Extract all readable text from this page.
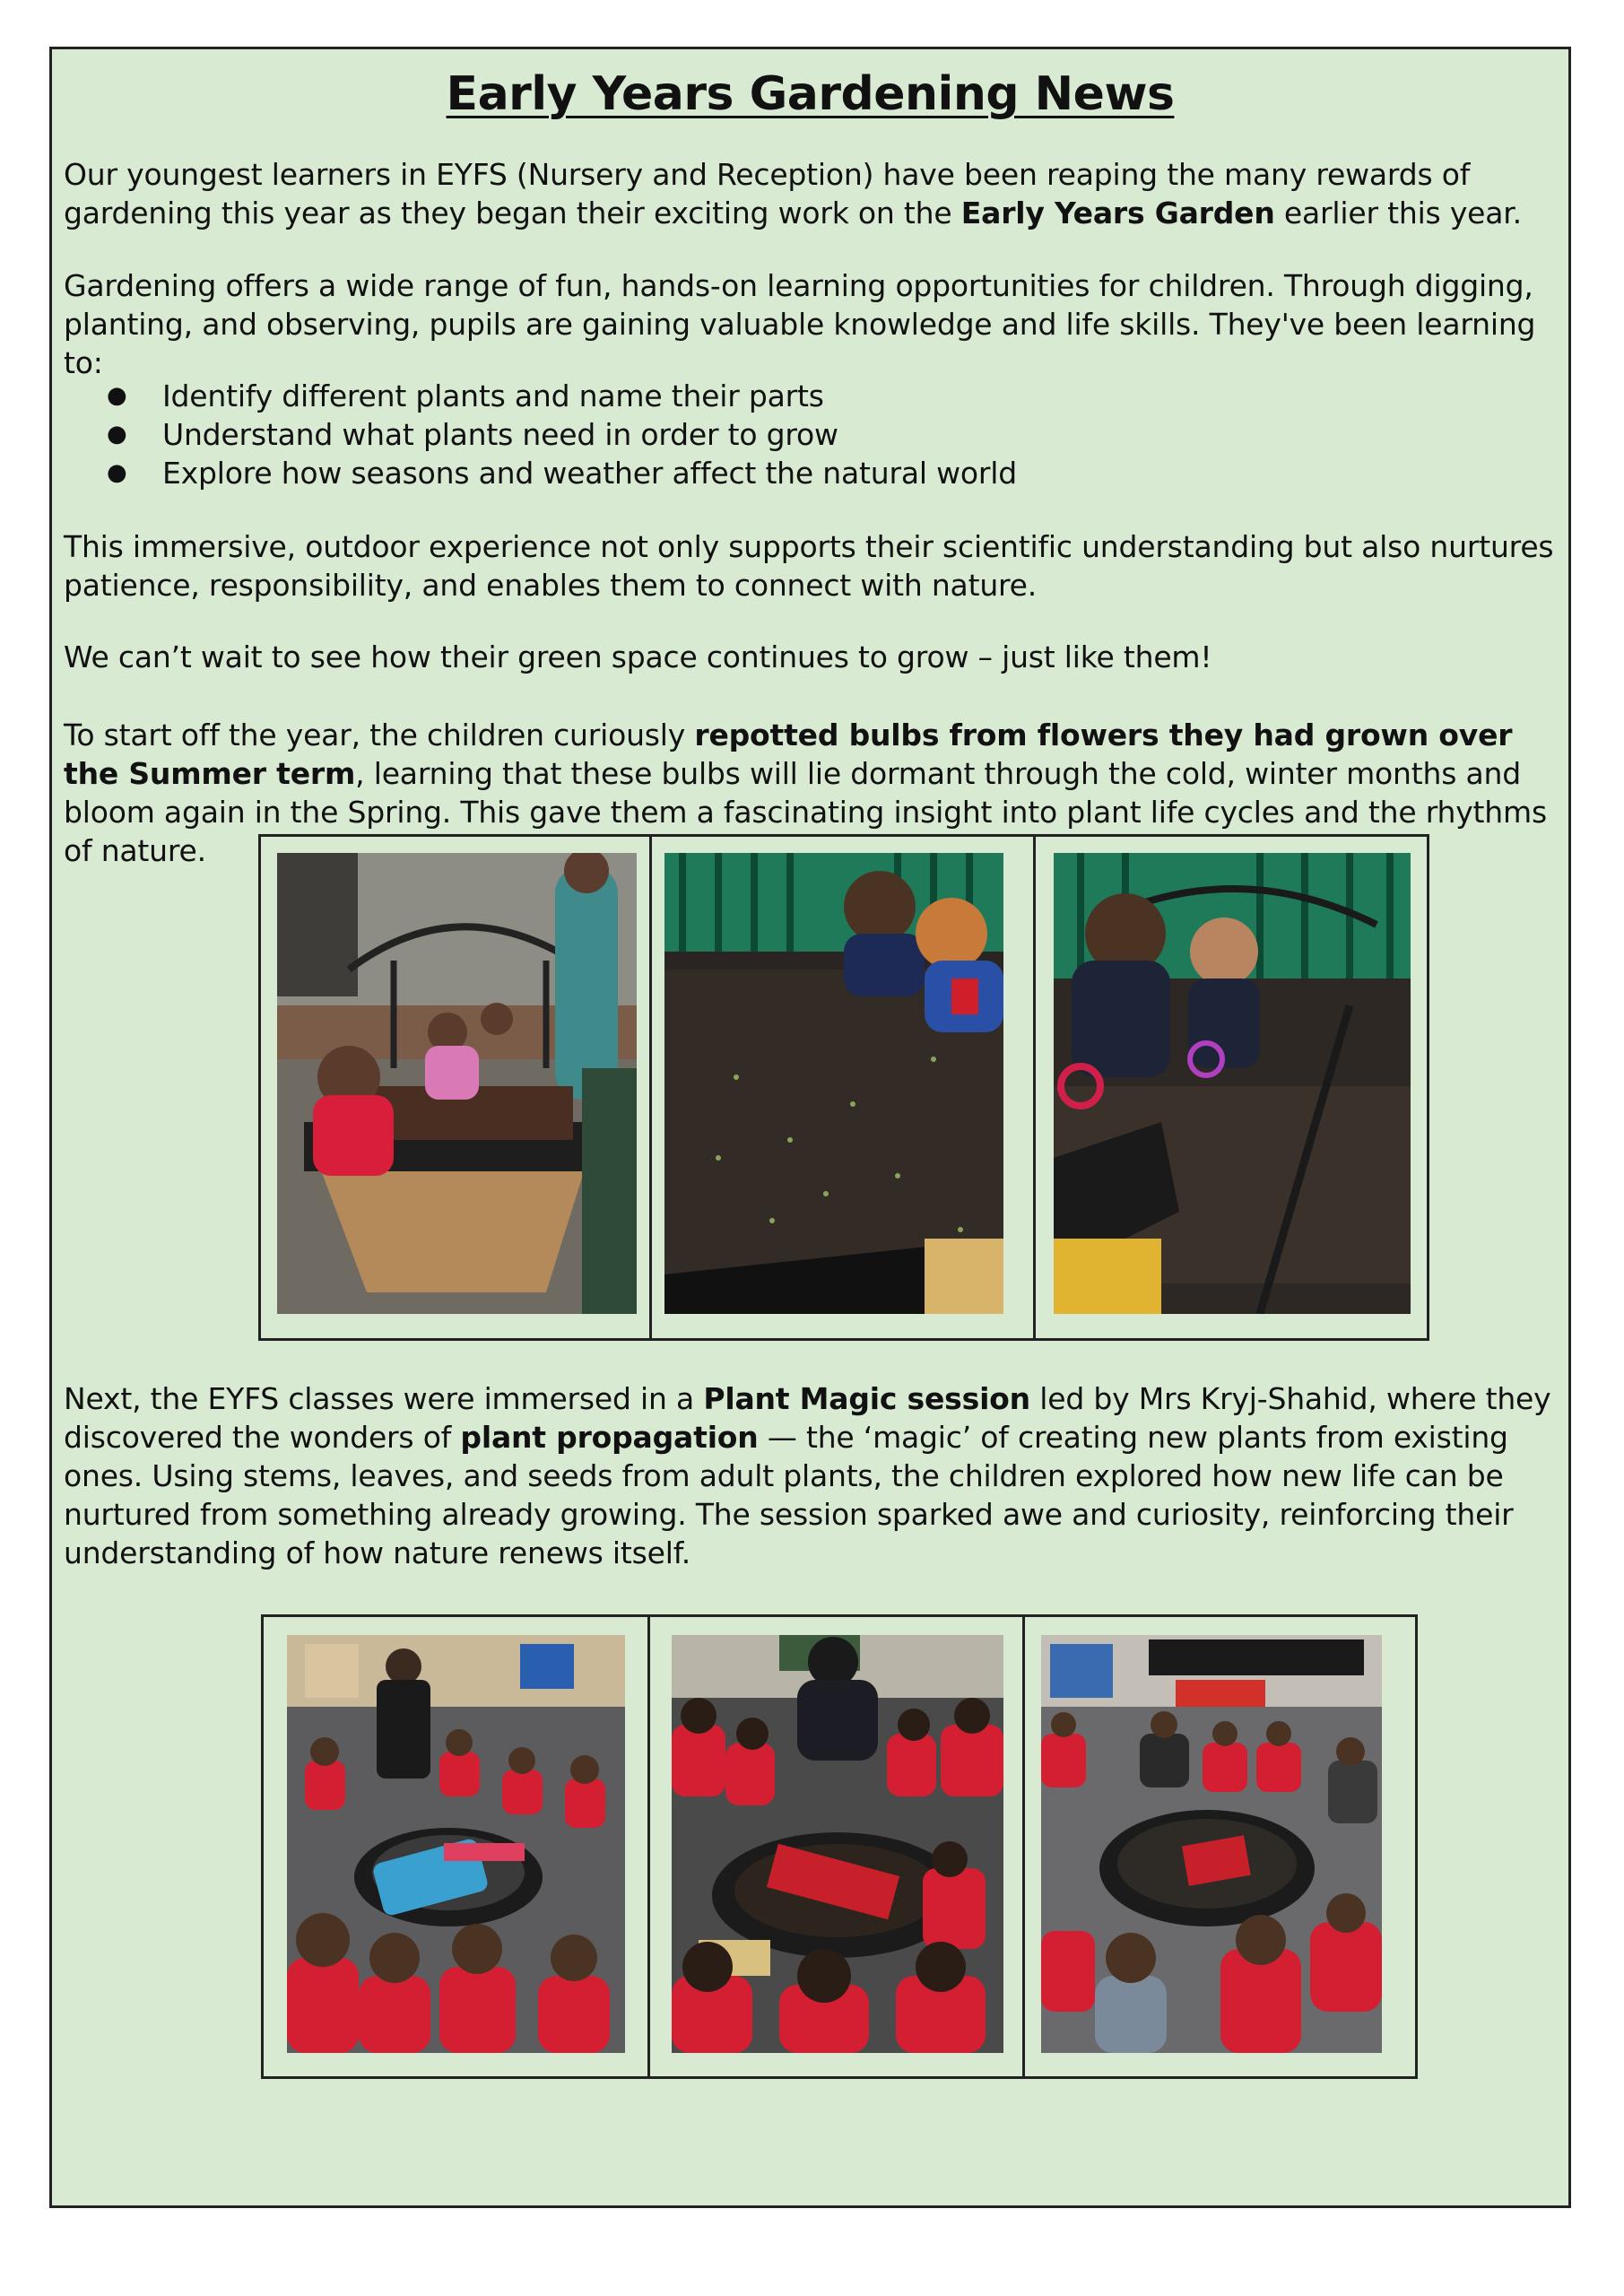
Early Years Gardening News

Our youngest learners in EYFS (Nursery and Reception) have been reaping the many rewards of gardening this year as they began their exciting work on the Early Years Garden earlier this year.

Gardening offers a wide range of fun, hands-on learning opportunities for children. Through digging, planting, and observing, pupils are gaining valuable knowledge and life skills. They've been learning to:

● Identify different plants and name their parts
● Understand what plants need in order to grow
● Explore how seasons and weather affect the natural world

This immersive, outdoor experience not only supports their scientific understanding but also nurtures patience, responsibility, and enables them to connect with nature.

We can’t wait to see how their green space continues to grow – just like them!

To start off the year, the children curiously repotted bulbs from flowers they had grown over the Summer term, learning that these bulbs will lie dormant through the cold, winter months and bloom again in the Spring. This gave them a fascinating insight into plant life cycles and the rhythms of nature.

Next, the EYFS classes were immersed in a Plant Magic session led by Mrs Kryj-Shahid, where they discovered the wonders of plant propagation — the ‘magic’ of creating new plants from existing ones. Using stems, leaves, and seeds from adult plants, the children explored how new life can be nurtured from something already growing. The session sparked awe and curiosity, reinforcing their understanding of how nature renews itself.
